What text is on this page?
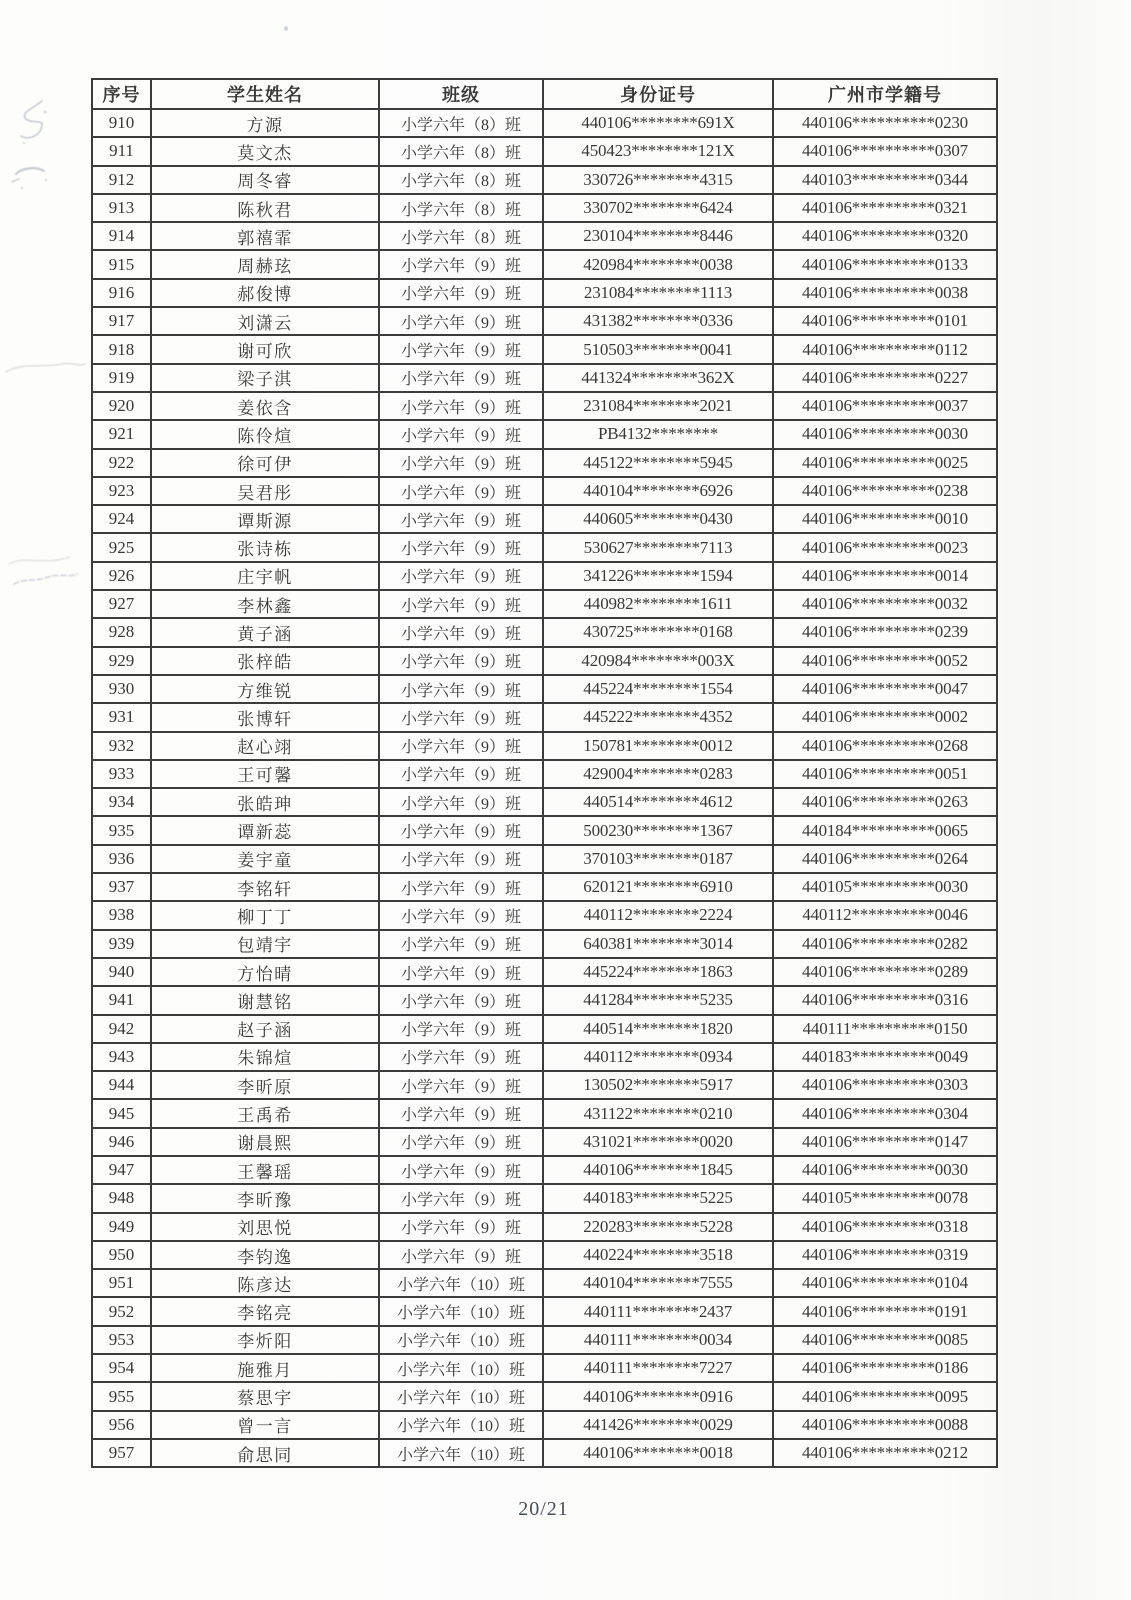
序号	学生姓名	班级	身份证号	广州市学籍号
910	方源	小学六年（8）班	440106********691X	440106**********0230
911	莫文杰	小学六年（8）班	450423********121X	440106**********0307
912	周冬睿	小学六年（8）班	330726********4315	440103**********0344
913	陈秋君	小学六年（8）班	330702********6424	440106**********0321
914	郭禧霏	小学六年（8）班	230104********8446	440106**********0320
915	周赫玹	小学六年（9）班	420984********0038	440106**********0133
916	郝俊博	小学六年（9）班	231084********1113	440106**********0038
917	刘潇云	小学六年（9）班	431382********0336	440106**********0101
918	谢可欣	小学六年（9）班	510503********0041	440106**********0112
919	梁子淇	小学六年（9）班	441324********362X	440106**********0227
920	姜依含	小学六年（9）班	231084********2021	440106**********0037
921	陈伶煊	小学六年（9）班	PB4132********	440106**********0030
922	徐可伊	小学六年（9）班	445122********5945	440106**********0025
923	吴君彤	小学六年（9）班	440104********6926	440106**********0238
924	谭斯源	小学六年（9）班	440605********0430	440106**********0010
925	张诗栋	小学六年（9）班	530627********7113	440106**********0023
926	庄宇帆	小学六年（9）班	341226********1594	440106**********0014
927	李林鑫	小学六年（9）班	440982********1611	440106**********0032
928	黄子涵	小学六年（9）班	430725********0168	440106**********0239
929	张梓皓	小学六年（9）班	420984********003X	440106**********0052
930	方维锐	小学六年（9）班	445224********1554	440106**********0047
931	张博轩	小学六年（9）班	445222********4352	440106**********0002
932	赵心翊	小学六年（9）班	150781********0012	440106**********0268
933	王可馨	小学六年（9）班	429004********0283	440106**********0051
934	张皓珅	小学六年（9）班	440514********4612	440106**********0263
935	谭新蕊	小学六年（9）班	500230********1367	440184**********0065
936	姜宇童	小学六年（9）班	370103********0187	440106**********0264
937	李铭轩	小学六年（9）班	620121********6910	440105**********0030
938	柳丁丁	小学六年（9）班	440112********2224	440112**********0046
939	包靖宇	小学六年（9）班	640381********3014	440106**********0282
940	方怡晴	小学六年（9）班	445224********1863	440106**********0289
941	谢慧铭	小学六年（9）班	441284********5235	440106**********0316
942	赵子涵	小学六年（9）班	440514********1820	440111**********0150
943	朱锦煊	小学六年（9）班	440112********0934	440183**********0049
944	李昕原	小学六年（9）班	130502********5917	440106**********0303
945	王禹希	小学六年（9）班	431122********0210	440106**********0304
946	谢晨熙	小学六年（9）班	431021********0020	440106**********0147
947	王馨瑶	小学六年（9）班	440106********1845	440106**********0030
948	李昕豫	小学六年（9）班	440183********5225	440105**********0078
949	刘思悦	小学六年（9）班	220283********5228	440106**********0318
950	李钧逸	小学六年（9）班	440224********3518	440106**********0319
951	陈彦达	小学六年（10）班	440104********7555	440106**********0104
952	李铭亮	小学六年（10）班	440111********2437	440106**********0191
953	李炘阳	小学六年（10）班	440111********0034	440106**********0085
954	施雅月	小学六年（10）班	440111********7227	440106**********0186
955	蔡思宇	小学六年（10）班	440106********0916	440106**********0095
956	曾一言	小学六年（10）班	441426********0029	440106**********0088
957	俞思同	小学六年（10）班	440106********0018	440106**********0212
20/21
